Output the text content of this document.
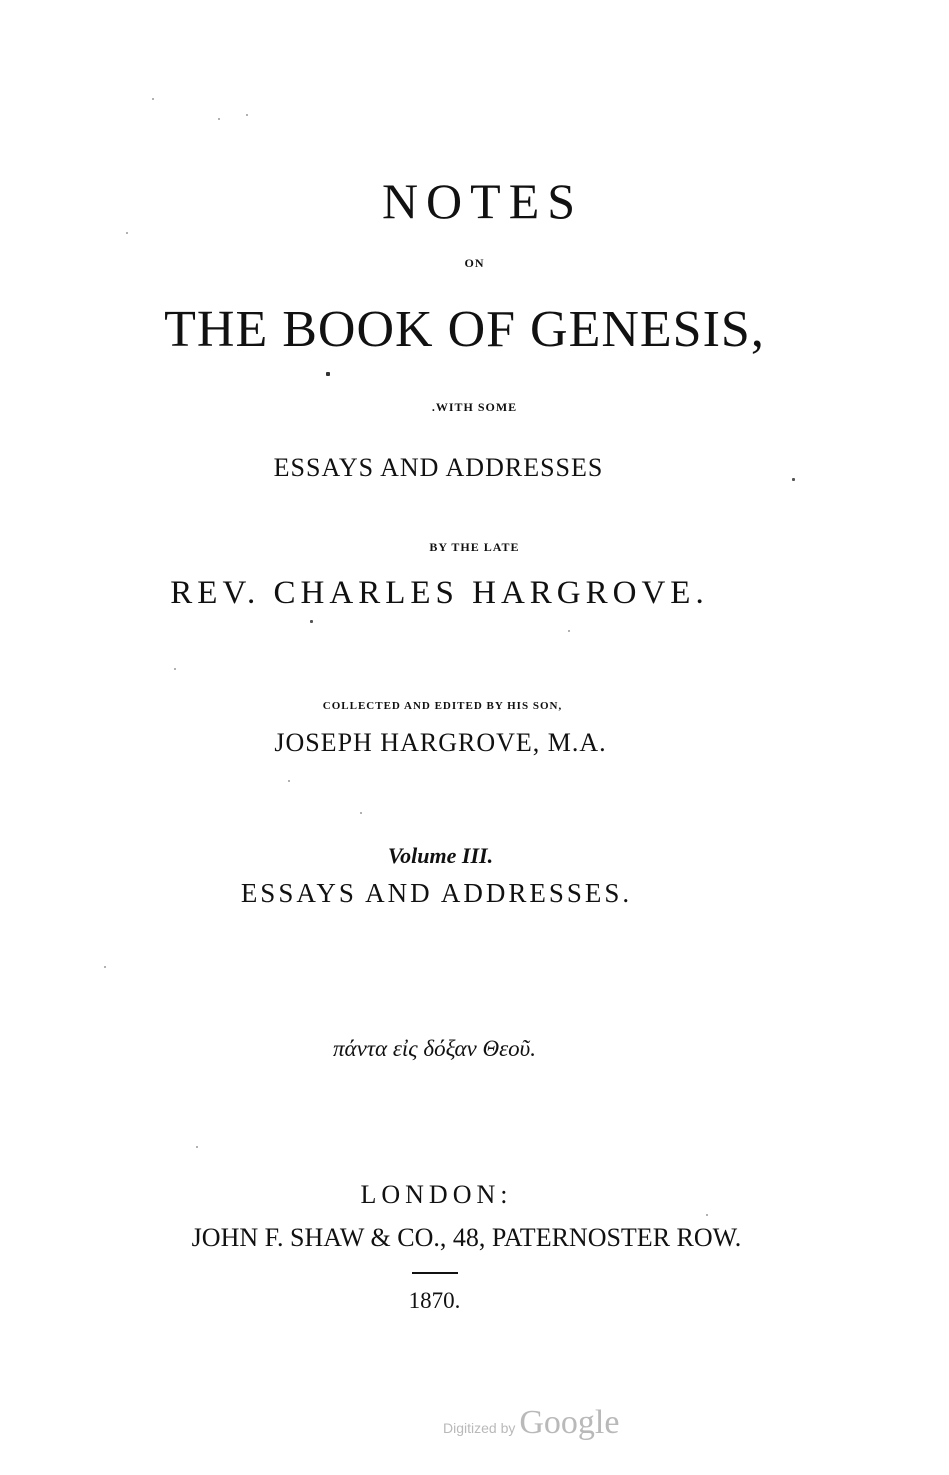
NOTES
ON
THE BOOK OF GENESIS,
.WITH SOME
ESSAYS AND ADDRESSES
BY THE LATE
REV. CHARLES HARGROVE.
COLLECTED AND EDITED BY HIS SON,
JOSEPH HARGROVE, M.A.
Volume III.
ESSAYS AND ADDRESSES.
πάντα εἰς δόξαν Θεοῦ.
LONDON:
JOHN F. SHAW & CO., 48, PATERNOSTER ROW.
1870.
Digitized by Google
